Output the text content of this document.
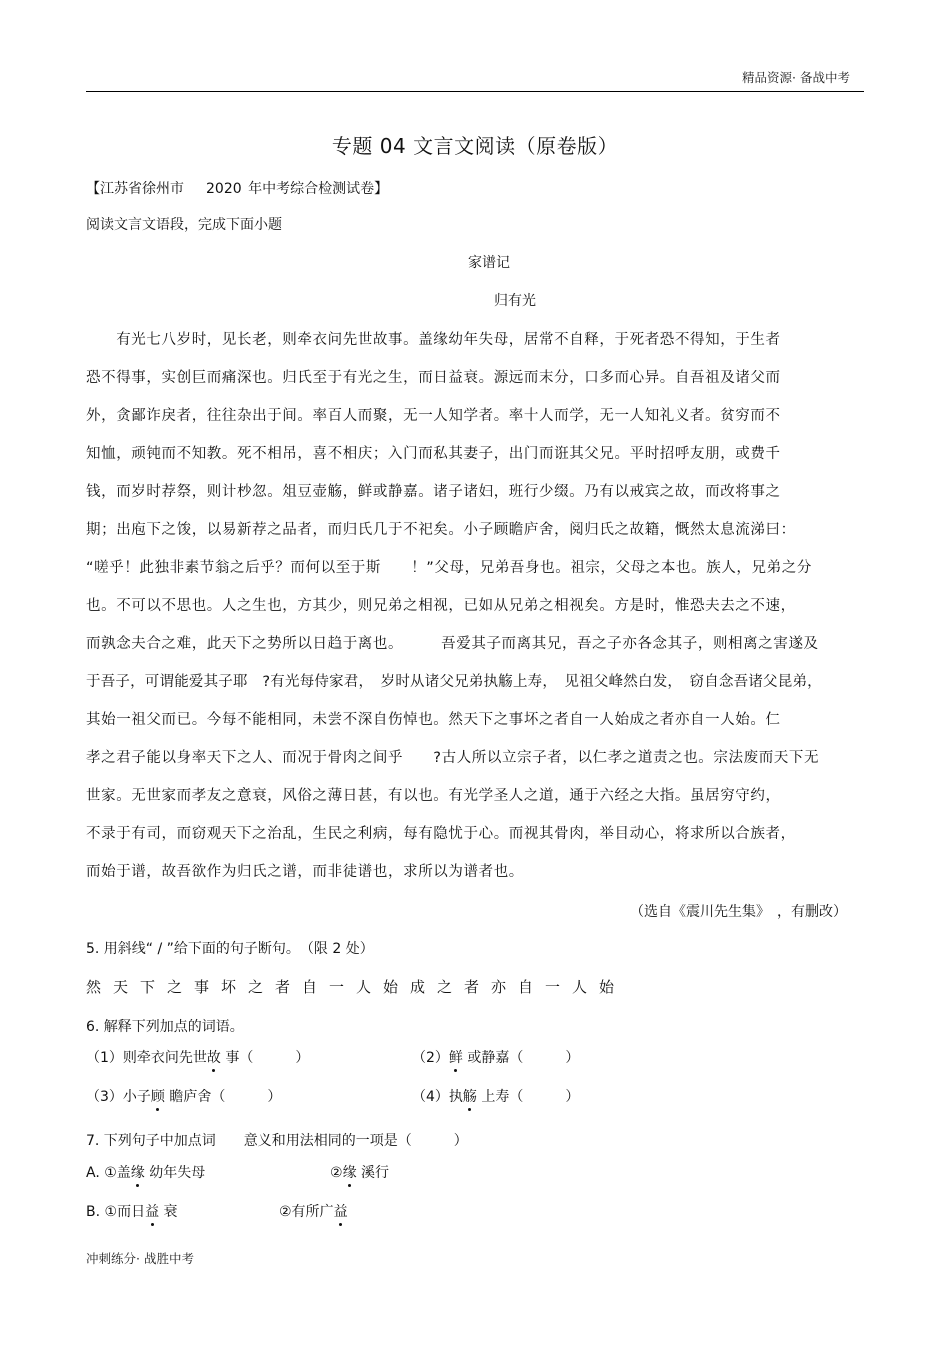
精品资源· 备战中考
专题 04 文言文阅读（原卷版）
【江苏省徐州市 2020 年中考综合检测试卷】
阅读文言文语段，完成下面小题
家谱记
归有光
　　有光七八岁时，见长老，则牵衣问先世故事。盖缘幼年失母，居常不自释，于死者恐不得知，于生者
恐不得事，实创巨而痛深也。归氏至于有光之生，而日益衰。源远而末分，口多而心异。自吾祖及诸父而
外，贪鄙诈戾者，往往杂出于间。率百人而聚，无一人知学者。率十人而学，无一人知礼义者。贫穷而不
知恤，顽钝而不知教。死不相吊，喜不相庆；入门而私其妻子，出门而诳其父兄。平时招呼友朋，或费千
钱，而岁时荐祭，则计杪忽。俎豆壶觞，鲜或静嘉。诸子诸妇，班行少缀。乃有以戒宾之故，而改将事之
期；出庖下之馂，以易新荐之品者，而归氏几于不祀矣。小子顾瞻庐舍，阅归氏之故籍，慨然太息流涕曰：
“嗟乎！此独非素节翁之后乎？而何以至于斯　　！”父母，兄弟吾身也。祖宗，父母之本也。族人，兄弟之分
也。不可以不思也。人之生也，方其少，则兄弟之相视，已如从兄弟之相视矣。方是时，惟恐夫去之不速，
而孰念夫合之难，此天下之势所以日趋于离也。　　　吾爱其子而离其兄，吾之子亦各念其子，则相离之害遂及
于吾子，可谓能爱其子耶　?有光每侍家君，　岁时从诸父兄弟执觞上寿，　见祖父峰然白发，　窃自念吾诸父昆弟，
其始一祖父而已。今每不能相同，未尝不深自伤悼也。然天下之事坏之者自一人始成之者亦自一人始。仁
孝之君子能以身率天下之人、而况于骨肉之间乎　　?古人所以立宗子者，以仁孝之道责之也。宗法废而天下无
世家。无世家而孝友之意衰，风俗之薄日甚，有以也。有光学圣人之道，通于六经之大指。虽居穷守约，
不录于有司，而窃观天下之治乱，生民之利病，每有隐忧于心。而视其骨肉，举目动心，将求所以合族者，
而始于谱，故吾欲作为归氏之谱，而非徒谱也，求所以为谱者也。
（选自《震川先生集》　，有删改）
5. 用斜线“ / ”给下面的句子断句。　（限 2 处）
然天下之事坏之者自一人始成之者亦自一人始
6. 解释下列加点的词语。
（1）则牵衣问先世故 事（　　　）	（2）鲜 或静嘉（　　　）
（3）小子顾 瞻庐舍（　　　）	（4）执觞 上寿（　　　）
7. 下列句子中加点词　　意义和用法相同的一项是（　　　）
A. ①盖缘 幼年失母	②缘 溪行
B. ①而日益 衰	②有所广益
冲刺练分· 战胜中考
